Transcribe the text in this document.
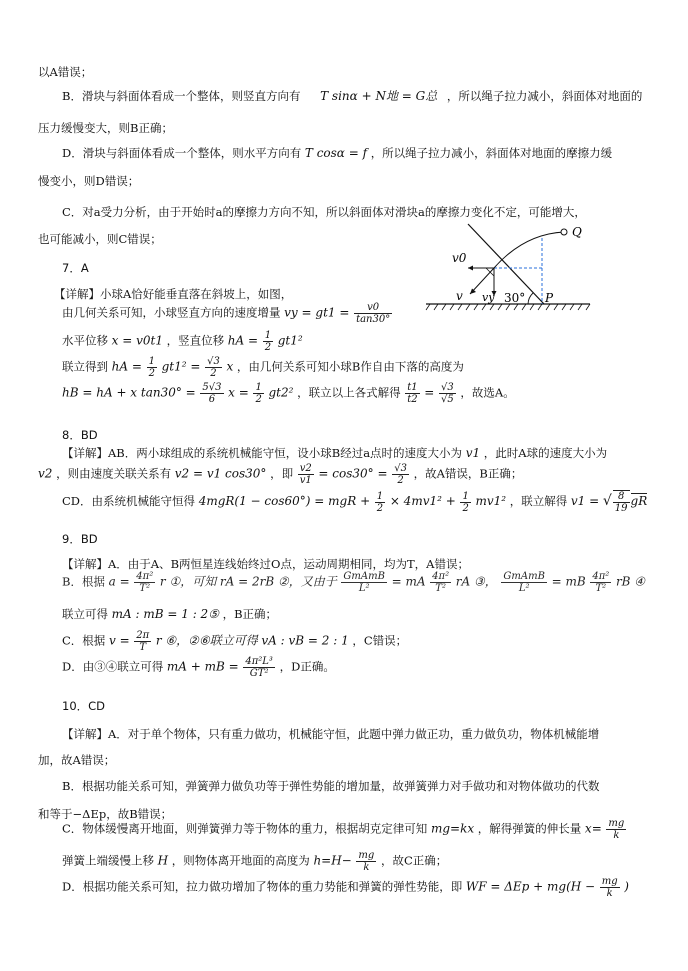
以A错误；
B．滑块与斜面体看成一个整体，则竖直方向有 T sinα + N地 = G总 ，所以绳子拉力减小，斜面体对地面的
压力缓慢变大，则B正确；
D．滑块与斜面体看成一个整体，则水平方向有 T cosα = f ，所以绳子拉力减小，斜面体对地面的摩擦力缓
慢变小，则D错误；
C．对a受力分析，由于开始时a的摩擦力方向不知，所以斜面体对滑块a的摩擦力变化不定，可能增大，
也可能减小，则C错误；
7．A
【详解】小球A恰好能垂直落在斜坡上，如图，
由几何关系可知，小球竖直方向的速度增量 vy = $gt1 = \frac{v0}{\tan 30^\circ}$
水平位移 x = v0t1 ，竖直位移 hA = $\frac{1}{2} gt1^2$
联立得到 hA = $\frac{1}{2} gt1^2 = \frac{√3}{2}$ x ，由几何关系可知小球B作自由下落的高度为
hB = hA + x $\tan 30^\circ = \frac{5√3}{6}$ $x = \frac{1}{2} gt2^2$ ，联立以上各式解得 $\frac{t1}{t2} = \frac{√3}{√5}$ ，故选A。
v0
v vy 30°
Q
P
8．BD
【详解】AB．两小球组成的系统机械能守恒，设小球B经过a点时的速度大小为 v1 ，此时A球的速度大小为
v2 ，则由速度关联关系有 v2 = v1 cos30° ，即 $\frac{v2}{v1} = \cos 30^\circ = \frac{√3}{2}$ ，故A错误，B正确；
CD．由系统机械能守恒得 4mgR(1 − cos60°) = mgR + $\frac{1}{2} \times 4mv1^2 + \frac{1}{2} mv1^2$ ，联立解得 v1 = √ $\frac{8}{19}$ gR
9．BD
【详解】A．由于A、B两恒星连线始终过O点，运动周期相同，均为T，A错误；
B．根据 $a = \frac{\text{4π²}}{\text{T²}}$ r ①，可知 rA = 2rB ②，又由于 $\frac{\text{GmAmB}}{\text{L²}}$ = mA $\frac{\text{4π²}}{\text{T²}}$ rA ③， $\frac{\text{GmAmB}}{\text{L²}}$ = mB $\frac{\text{4π²}}{\text{T²}}$ rB ④
联立可得 mA : mB = 1 : 2⑤ ，B正确；
C．根据 $v = \frac{2\pi}{T}$ r ⑥，②⑥联立可得 vA : vB = 2 : 1 ，C错误；
D．由③④联立可得 mA + mB = $\frac{\text{4π²L³}}{\text{GT²}}$ ，D正确。
10．CD
【详解】A．对于单个物体，只有重力做功，机械能守恒，此题中弹力做正功，重力做负功，物体机械能增
加，故A错误；
B．根据功能关系可知，弹簧弹力做负功等于弹性势能的增加量，故弹簧弹力对手做功和对物体做功的代数
和等于−ΔEp，故B错误；
C．物体缓慢离开地面，则弹簧弹力等于物体的重力，根据胡克定律可知 mg=kx ，解得弹簧的伸长量 $x= \frac{mg}{k}$
弹簧上端缓慢上移 H ，则物体离开地面的高度为 $h=H- \frac{mg}{k}$ ，故C正确；
D．根据功能关系可知，拉力做功增加了物体的重力势能和弹簧的弹性势能，即 WF = $\Delta Ep + mg(H - \frac{mg}{k}$ )
